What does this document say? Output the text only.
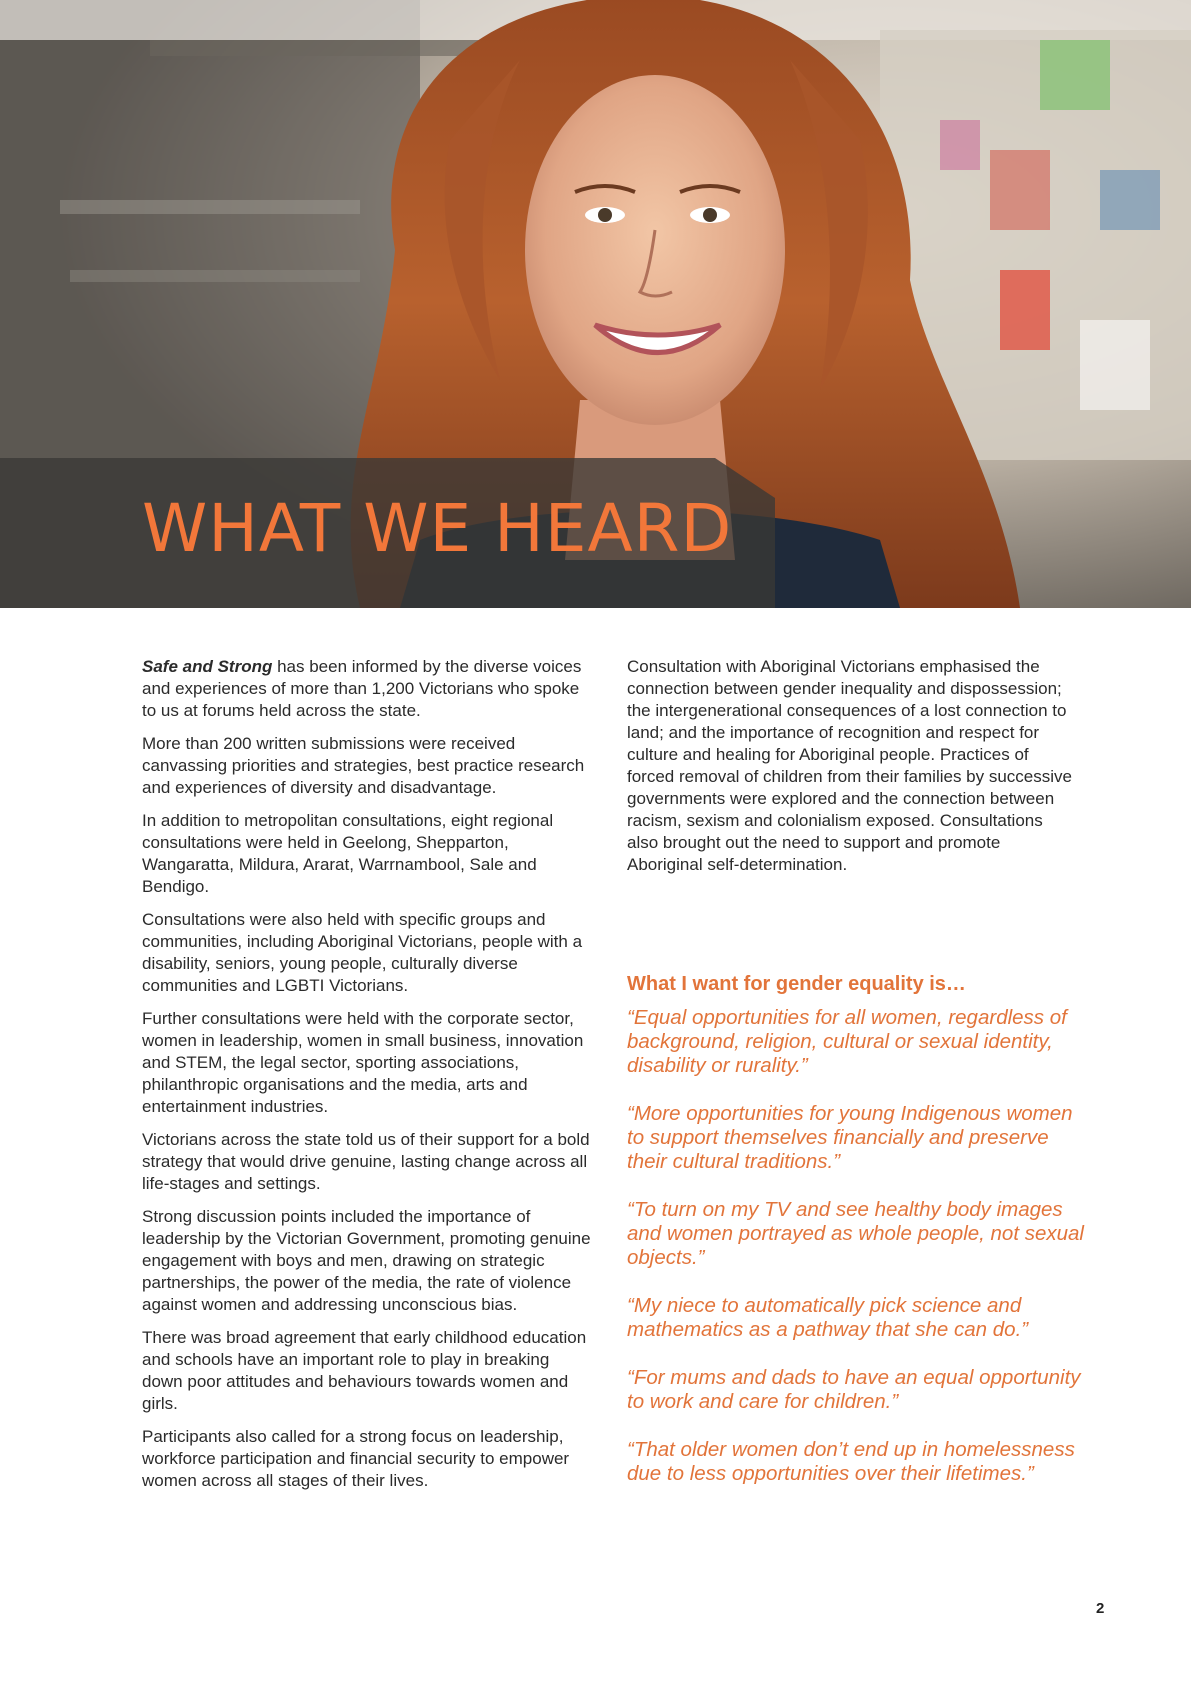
WHAT WE HEARD

Safe and Strong has been informed by the diverse voices and experiences of more than 1,200 Victorians who spoke to us at forums held across the state.

More than 200 written submissions were received canvassing priorities and strategies, best practice research and experiences of diversity and disadvantage.

In addition to metropolitan consultations, eight regional consultations were held in Geelong, Shepparton, Wangaratta, Mildura, Ararat, Warrnambool, Sale and Bendigo.

Consultations were also held with specific groups and communities, including Aboriginal Victorians, people with a disability, seniors, young people, culturally diverse communities and LGBTI Victorians.

Further consultations were held with the corporate sector, women in leadership, women in small business, innovation and STEM, the legal sector, sporting associations, philanthropic organisations and the media, arts and entertainment industries.

Victorians across the state told us of their support for a bold strategy that would drive genuine, lasting change across all life-stages and settings.

Strong discussion points included the importance of leadership by the Victorian Government, promoting genuine engagement with boys and men, drawing on strategic partnerships, the power of the media, the rate of violence against women and addressing unconscious bias.

There was broad agreement that early childhood education and schools have an important role to play in breaking down poor attitudes and behaviours towards women and girls.

Participants also called for a strong focus on leadership, workforce participation and financial security to empower women across all stages of their lives.

Consultation with Aboriginal Victorians emphasised the connection between gender inequality and dispossession; the intergenerational consequences of a lost connection to land; and the importance of recognition and respect for culture and healing for Aboriginal people. Practices of forced removal of children from their families by successive governments were explored and the connection between racism, sexism and colonialism exposed. Consultations also brought out the need to support and promote Aboriginal self-determination.

What I want for gender equality is…

“Equal opportunities for all women, regardless of background, religion, cultural or sexual identity, disability or rurality.”

“More opportunities for young Indigenous women to support themselves financially and preserve their cultural traditions.”

“To turn on my TV and see healthy body images and women portrayed as whole people, not sexual objects.”

“My niece to automatically pick science and mathematics as a pathway that she can do.”

“For mums and dads to have an equal opportunity to work and care for children.”

“That older women don’t end up in homelessness due to less opportunities over their lifetimes.”

2
